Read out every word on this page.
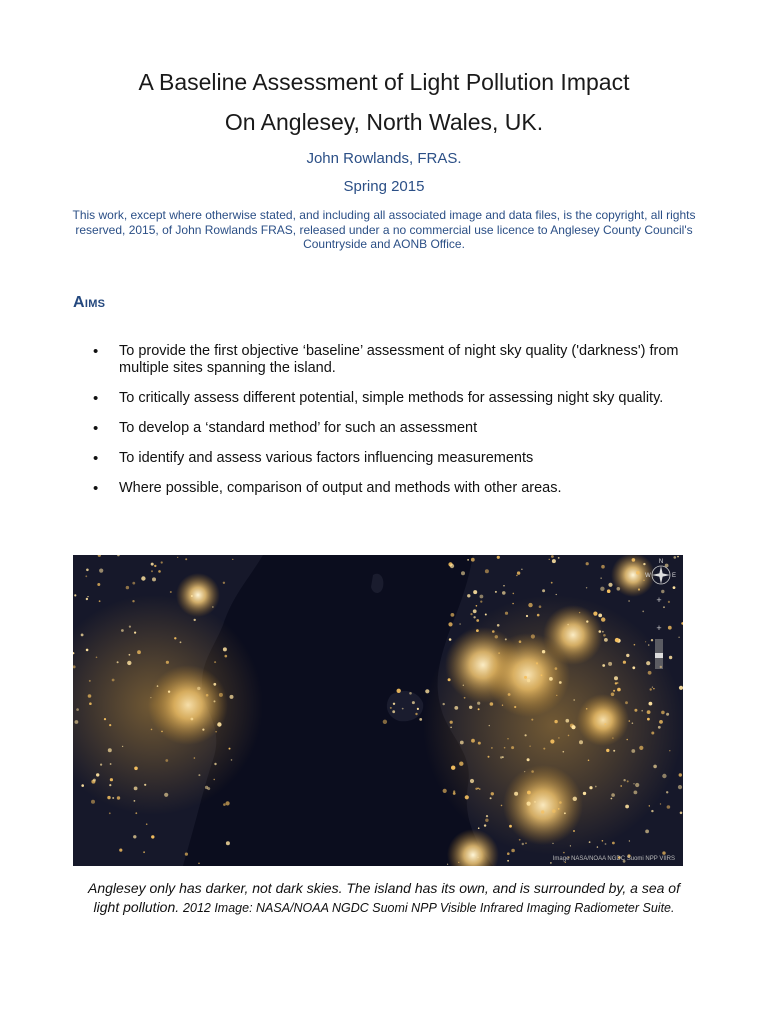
A Baseline Assessment of Light Pollution Impact
On Anglesey, North Wales, UK.
John Rowlands, FRAS.
Spring 2015
This work, except where otherwise stated, and including all associated image and data files, is the copyright, all rights reserved, 2015, of John Rowlands FRAS, released under a no commercial use licence to Anglesey County Council's Countryside and AONB Office.
Aims
• To provide the first objective ‘baseline’ assessment of night sky quality ('darkness') from multiple sites spanning the island.
• To critically assess different potential, simple methods for assessing night sky quality.
• To develop a ‘standard method’ for such an assessment
• To identify and assess various factors influencing measurements
• Where possible, comparison of output and methods with other areas.
N
W	E
+
+
Image NASA/NOAA NGDC Suomi NPP VIIRS
Anglesey only has darker, not dark skies. The island has its own, and is surrounded by, a sea of light pollution. 2012 Image: NASA/NOAA NGDC Suomi NPP Visible Infrared Imaging Radiometer Suite.
